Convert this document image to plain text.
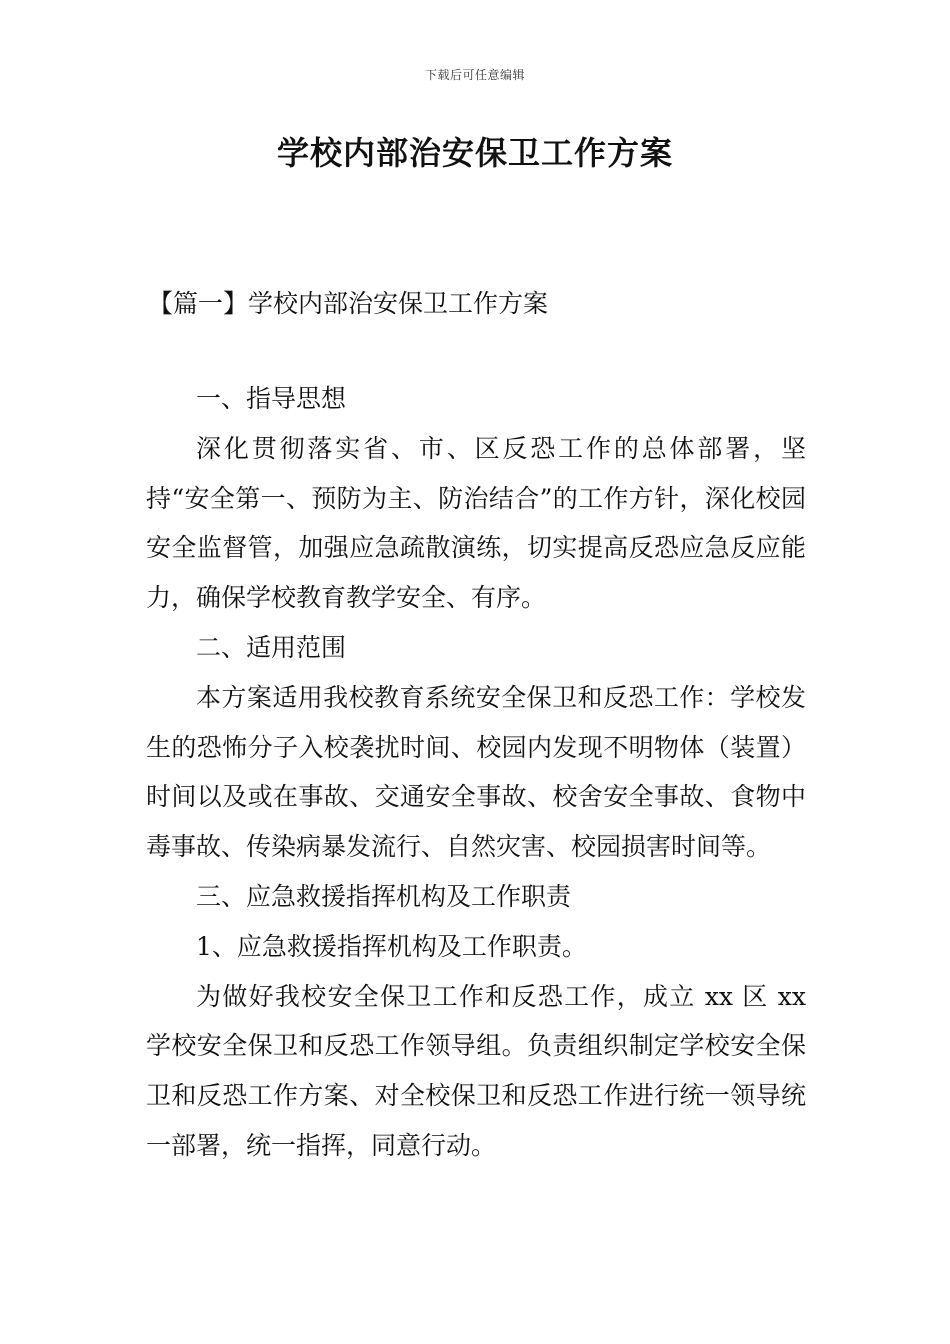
下载后可任意编辑
学校内部治安保卫工作方案
【篇一】学校内部治安保卫工作方案

一、指导思想

深化贯彻落实省、市、区反恐工作的总体部署，坚持“安全第一、预防为主、防治结合”的工作方针，深化校园安全监督管，加强应急疏散演练，切实提高反恐应急反应能力，确保学校教育教学安全、有序。

二、适用范围

本方案适用我校教育系统安全保卫和反恐工作：学校发生的恐怖分子入校袭扰时间、校园内发现不明物体（装置）时间以及或在事故、交通安全事故、校舍安全事故、食物中毒事故、传染病暴发流行、自然灾害、校园损害时间等。

三、应急救援指挥机构及工作职责

1、应急救援指挥机构及工作职责。

为做好我校安全保卫工作和反恐工作，成立 xx 区 xx 学校安全保卫和反恐工作领导组。负责组织制定学校安全保卫和反恐工作方案、对全校保卫和反恐工作进行统一领导统一部署，统一指挥，同意行动。
